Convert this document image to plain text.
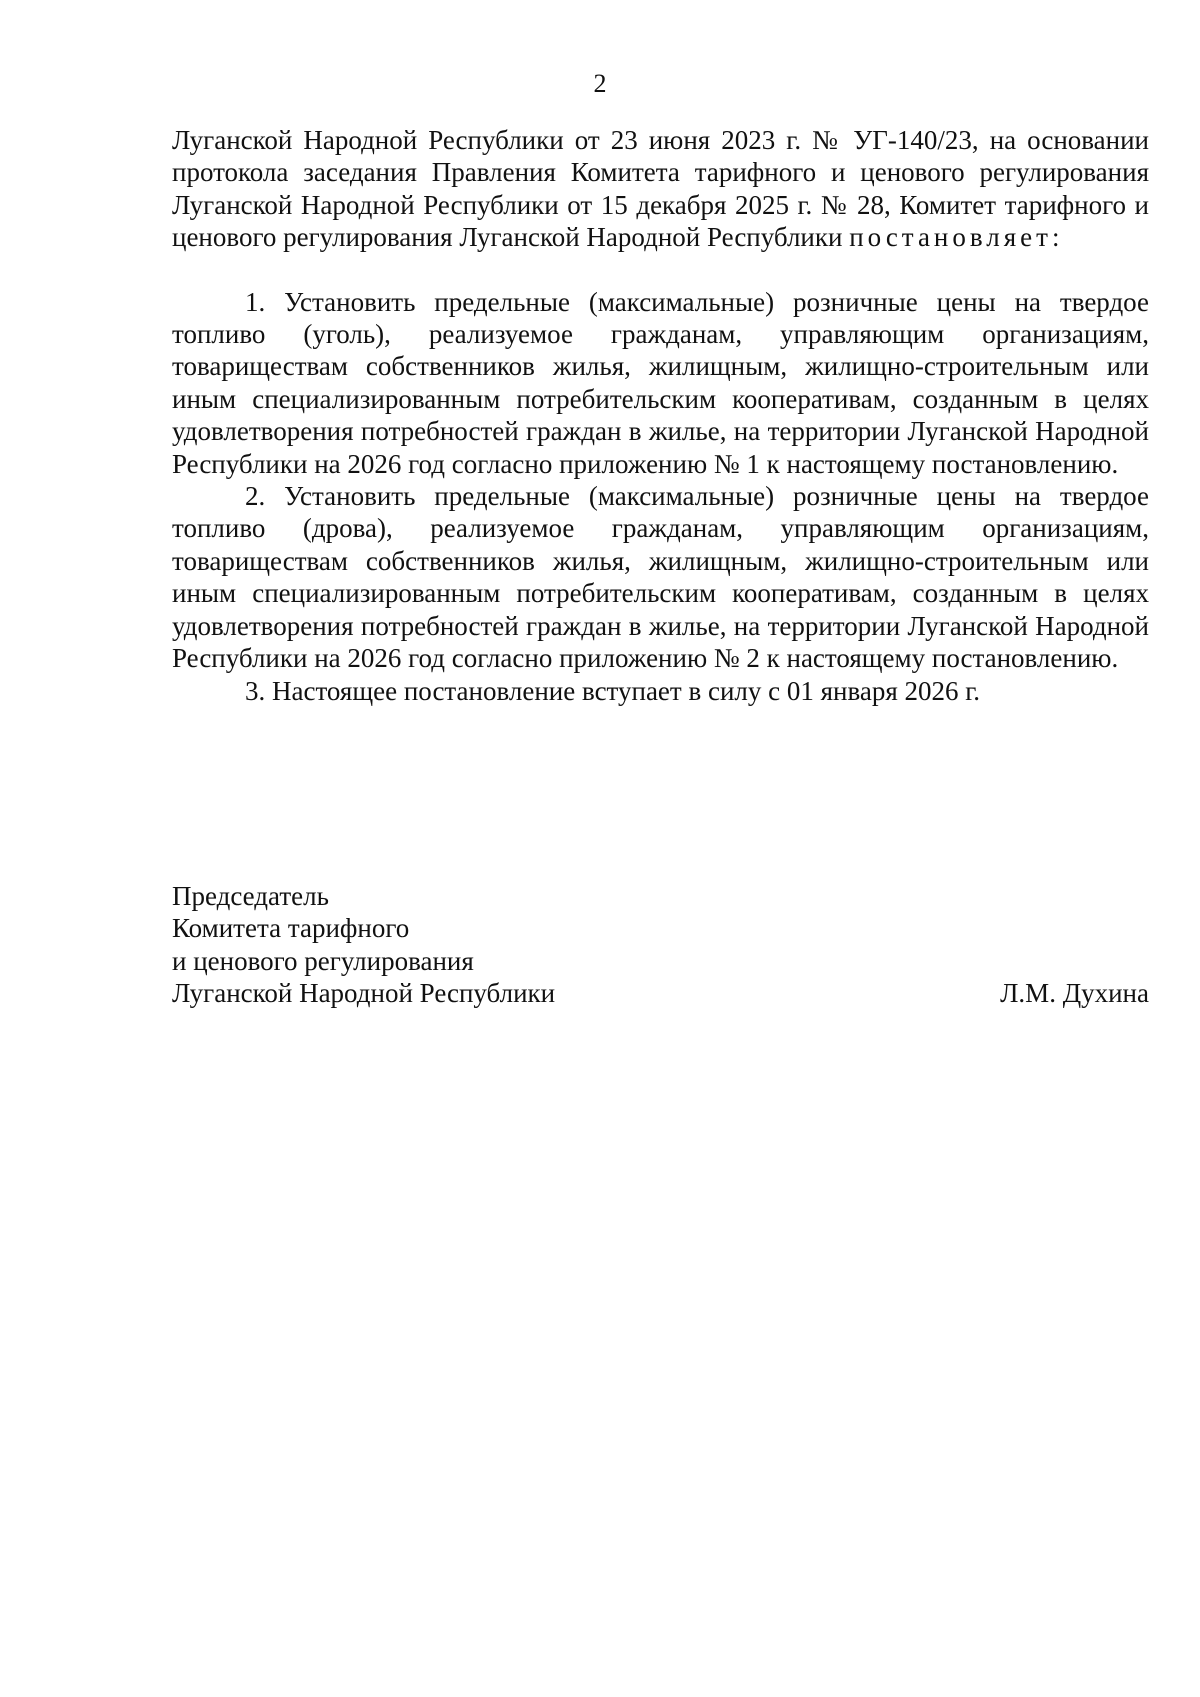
2

Луганской Народной Республики от 23 июня 2023 г. № УГ-140/23, на основании протокола заседания Правления Комитета тарифного и ценового регулирования Луганской Народной Республики от 15 декабря 2025 г. № 28, Комитет тарифного и ценового регулирования Луганской Народной Республики постановляет:

1. Установить предельные (максимальные) розничные цены на твердое топливо (уголь), реализуемое гражданам, управляющим организациям, товариществам собственников жилья, жилищным, жилищно-строительным или иным специализированным потребительским кооперативам, созданным в целях удовлетворения потребностей граждан в жилье, на территории Луганской Народной Республики на 2026 год согласно приложению № 1 к настоящему постановлению.

2. Установить предельные (максимальные) розничные цены на твердое топливо (дрова), реализуемое гражданам, управляющим организациям, товариществам собственников жилья, жилищным, жилищно-строительным или иным специализированным потребительским кооперативам, созданным в целях удовлетворения потребностей граждан в жилье, на территории Луганской Народной Республики на 2026 год согласно приложению № 2 к настоящему постановлению.

3. Настоящее постановление вступает в силу с 01 января 2026 г.

Председатель
Комитета тарифного
и ценового регулирования
Луганской Народной Республики	Л.М. Духина
